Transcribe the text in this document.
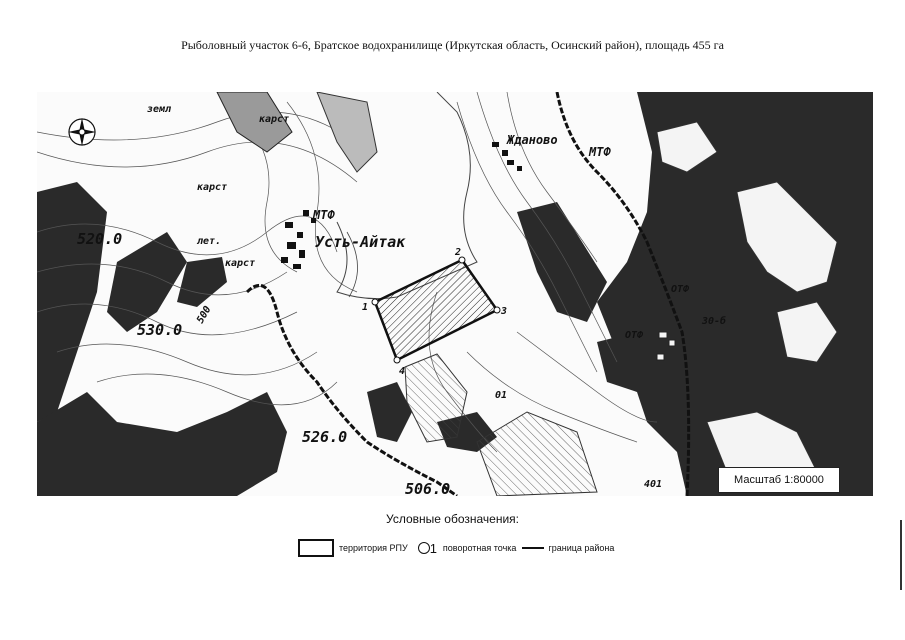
Рыболовный участок 6-6, Братское водохранилище (Иркутская область, Осинский район), площадь 455 га
земл
карст
карст
карст
лет.
МТФ
Усть-Айтак
Жданово
МТФ
ОТФ
ОТФ
520.0
530.0
526.0
506.0
500
401
01
30-б
1
2
3
4
Масштаб 1:80000
Условные обозначения:
территория РПУ 1 поворотная точка	граница района
